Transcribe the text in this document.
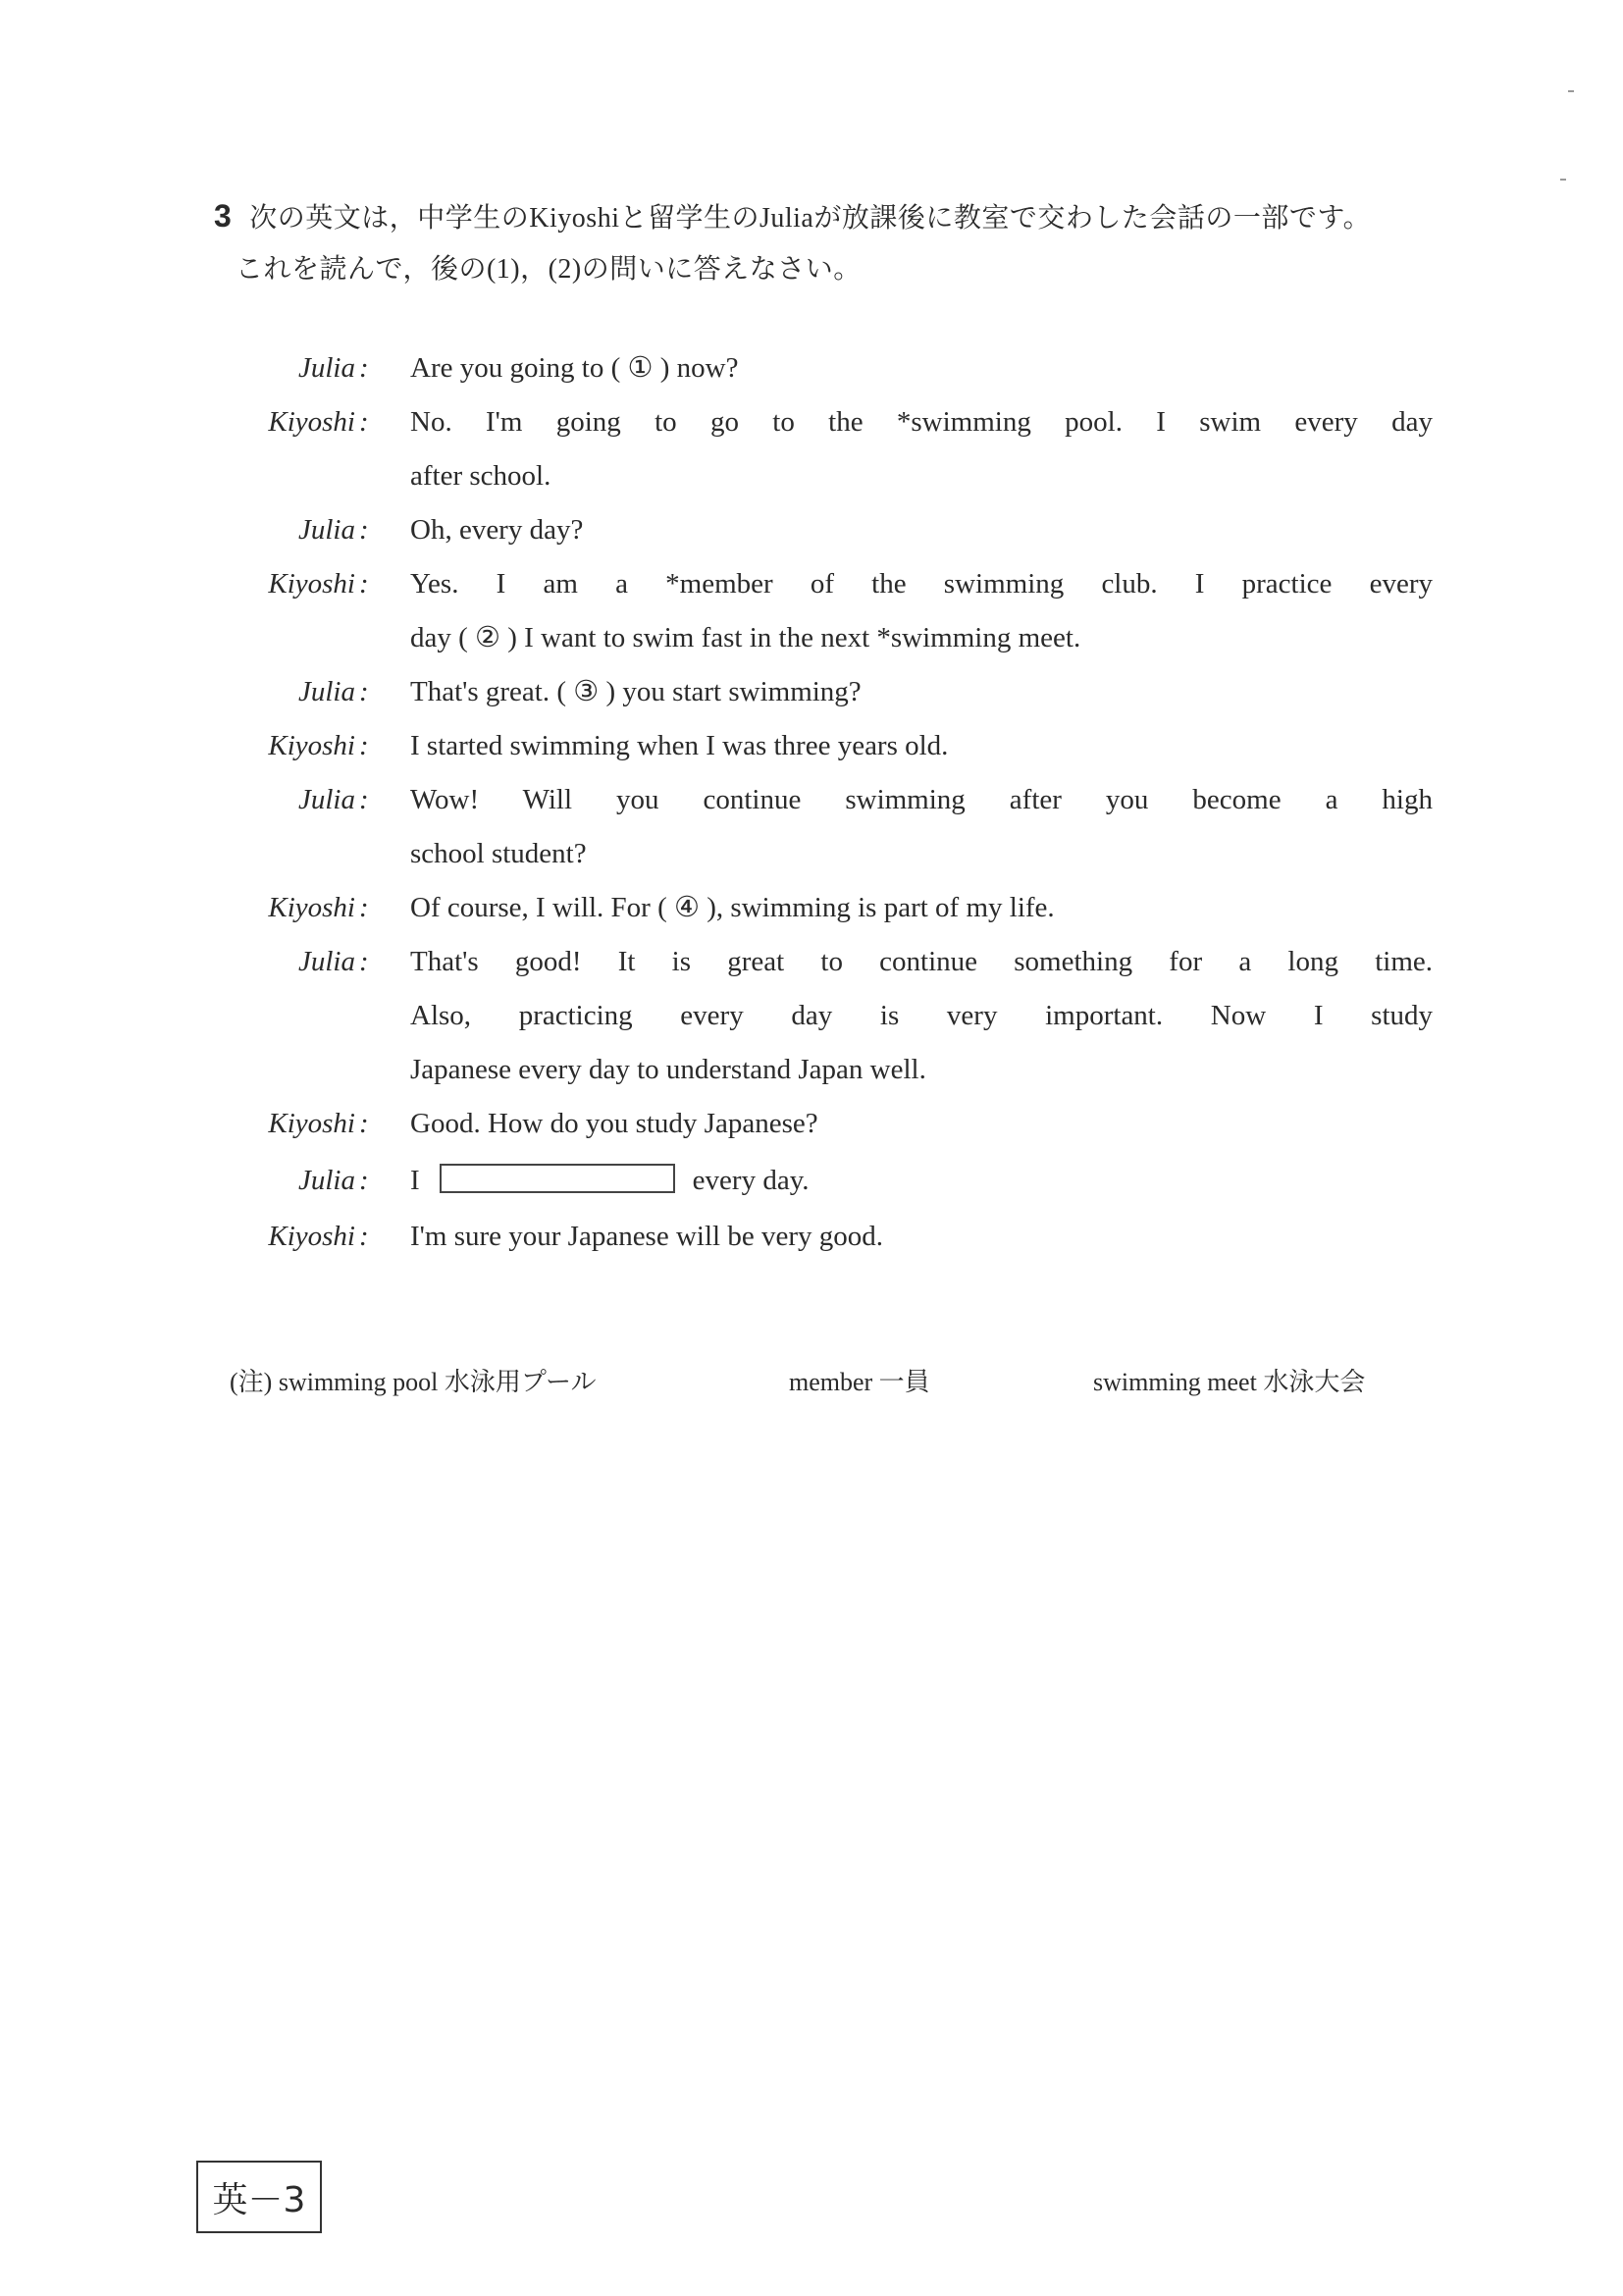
3 次の英文は，中学生のKiyoshiと留学生のJuliaが放課後に教室で交わした会話の一部です。
これを読んで，後の(1)，(2)の問いに答えなさい。
Julia :	Are you going to ( ① ) now?
Kiyoshi :	No. I'm going to go to the *swimming pool. I swim every day
after school.
Julia :	Oh, every day?
Kiyoshi :	Yes. I am a *member of the swimming club. I practice every
day ( ② ) I want to swim fast in the next *swimming meet.
Julia :	That's great. ( ③ ) you start swimming?
Kiyoshi :	I started swimming when I was three years old.
Julia :	Wow! Will you continue swimming after you become a high
school student?
Kiyoshi :	Of course, I will. For ( ④ ), swimming is part of my life.
Julia :	That's good! It is great to continue something for a long time.
Also, practicing every day is very important. Now I study
Japanese every day to understand Japan well.
Kiyoshi :	Good. How do you study Japanese?
Julia :	I	every day.
Kiyoshi :	I'm sure your Japanese will be very good.
(注) swimming pool 水泳用プール	member 一員	swimming meet 水泳大会
英－3
